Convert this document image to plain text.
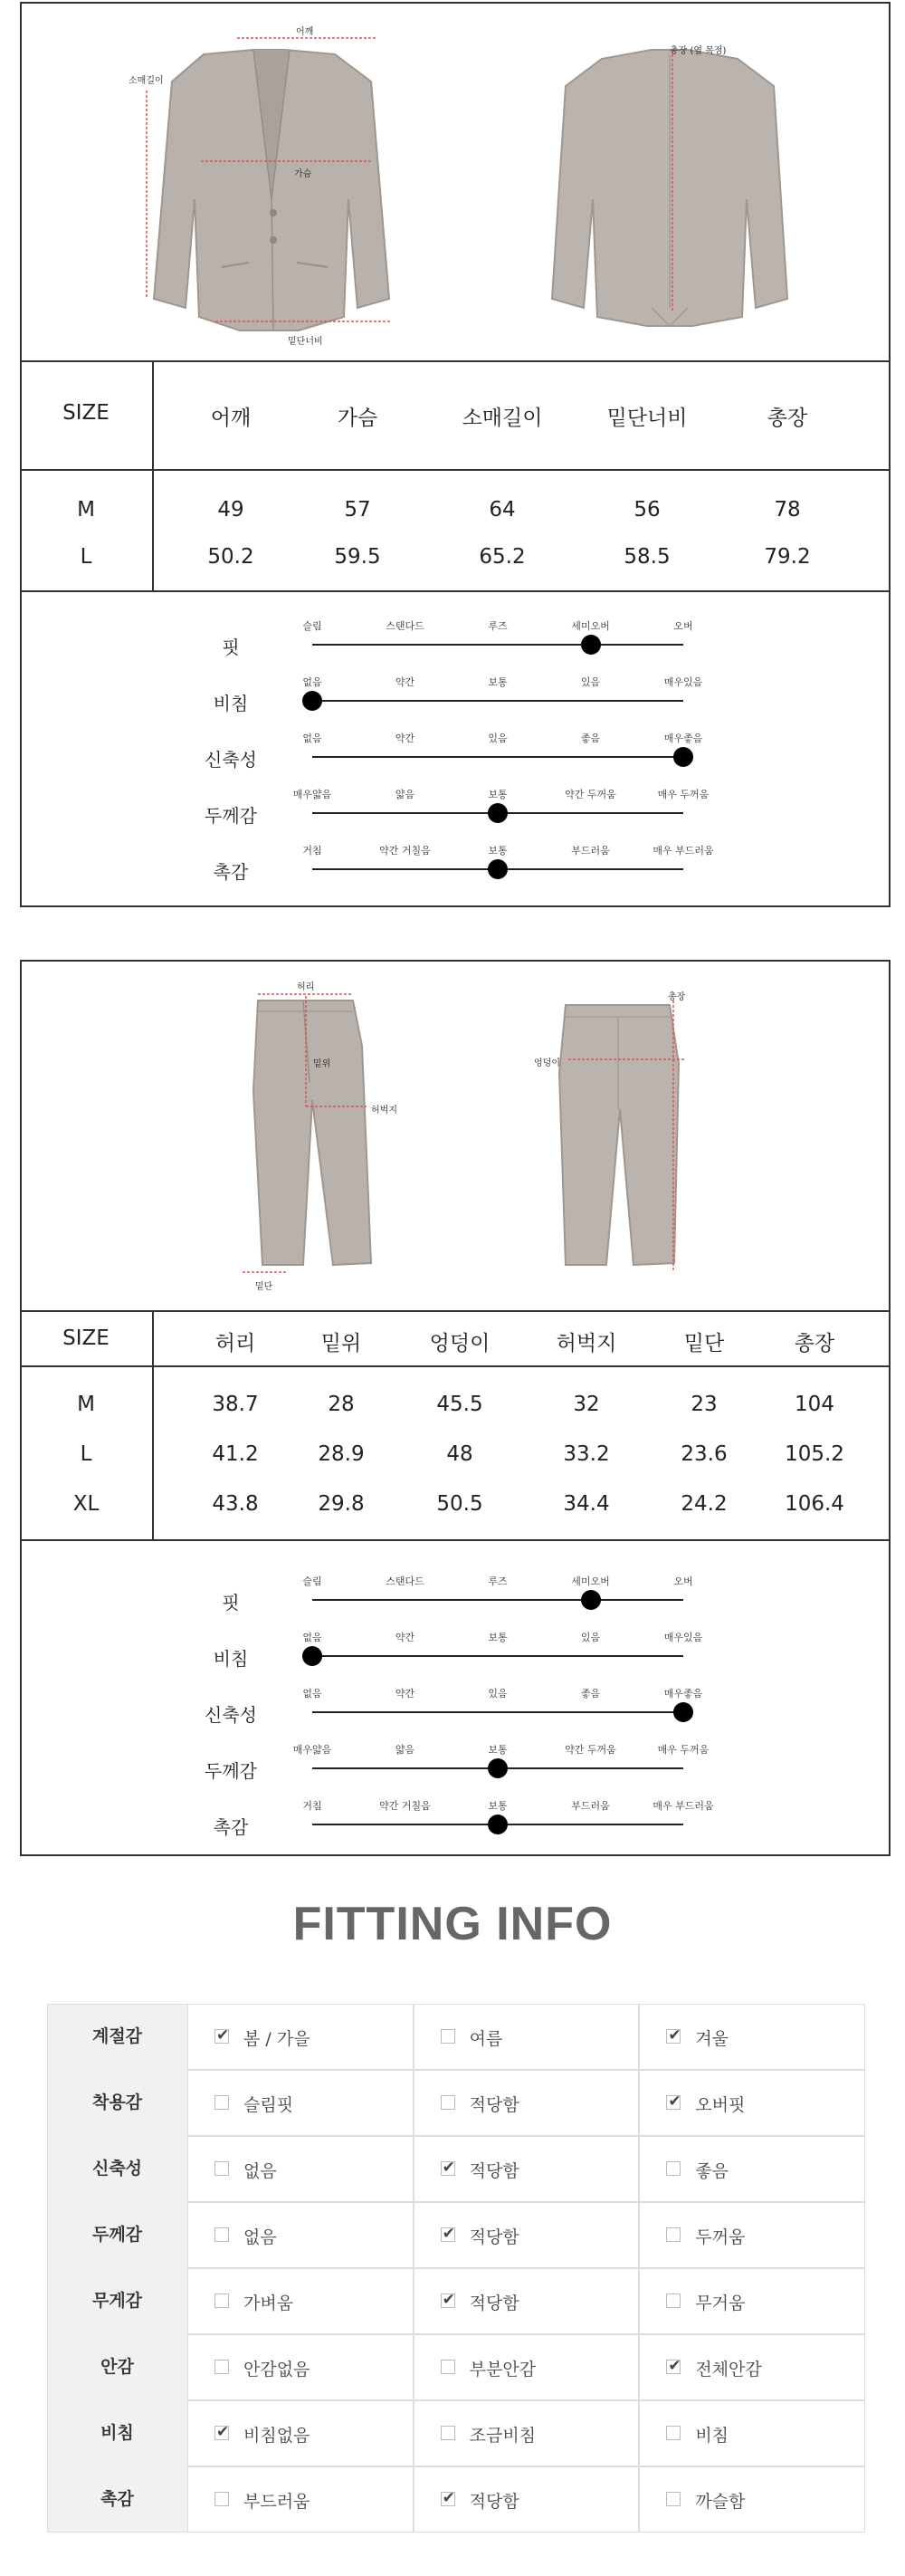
어깨
가슴
소매길이
밑단너비
총장 (옆 목점)
SIZE	어깨	가슴	소매길이	밑단너비	총장
M	49	57	64	56	78
L	50.2	59.5	65.2	58.5	79.2
허리
밑위
허벅지
밑단
엉덩이
총장
SIZE	허리	밑위	엉덩이	허벅지	밑단	총장
FITTING INFO
핏
슬림	스탠다드	루즈	세미오버	오버
비침
없음	약간	보통	있음	매우있음
신축성
없음	약간	있음	좋음	매우좋음
두께감
매우얇음	얇음	보통	약간 두꺼움	매우 두꺼움
촉감
거침	약간 거칠음	보통	부드러움	매우 부드러움
핏
슬림	스탠다드	루즈	세미오버	오버
비침
없음	약간	보통	있음	매우있음
신축성
없음	약간	있음	좋음	매우좋음
두께감
매우얇음	얇음	보통	약간 두꺼움	매우 두꺼움
촉감
거침	약간 거칠음	보통	부드러움	매우 부드러움
M	38.7	28	45.5	32	23	104
L	41.2	28.9	48	33.2	23.6	105.2
XL	43.8	29.8	50.5	34.4	24.2	106.4
계절감	✔ 봄 / 가을	여름	✔ 겨울
착용감	슬림핏	적당함	✔ 오버핏
신축성	없음	✔ 적당함	좋음
두께감	없음	✔ 적당함	두꺼움
무게감	가벼움	✔ 적당함	무거움
안감	안감없음	부분안감	✔ 전체안감
비침	✔ 비침없음	조금비침	비침
촉감	부드러움	✔ 적당함	까슬함
